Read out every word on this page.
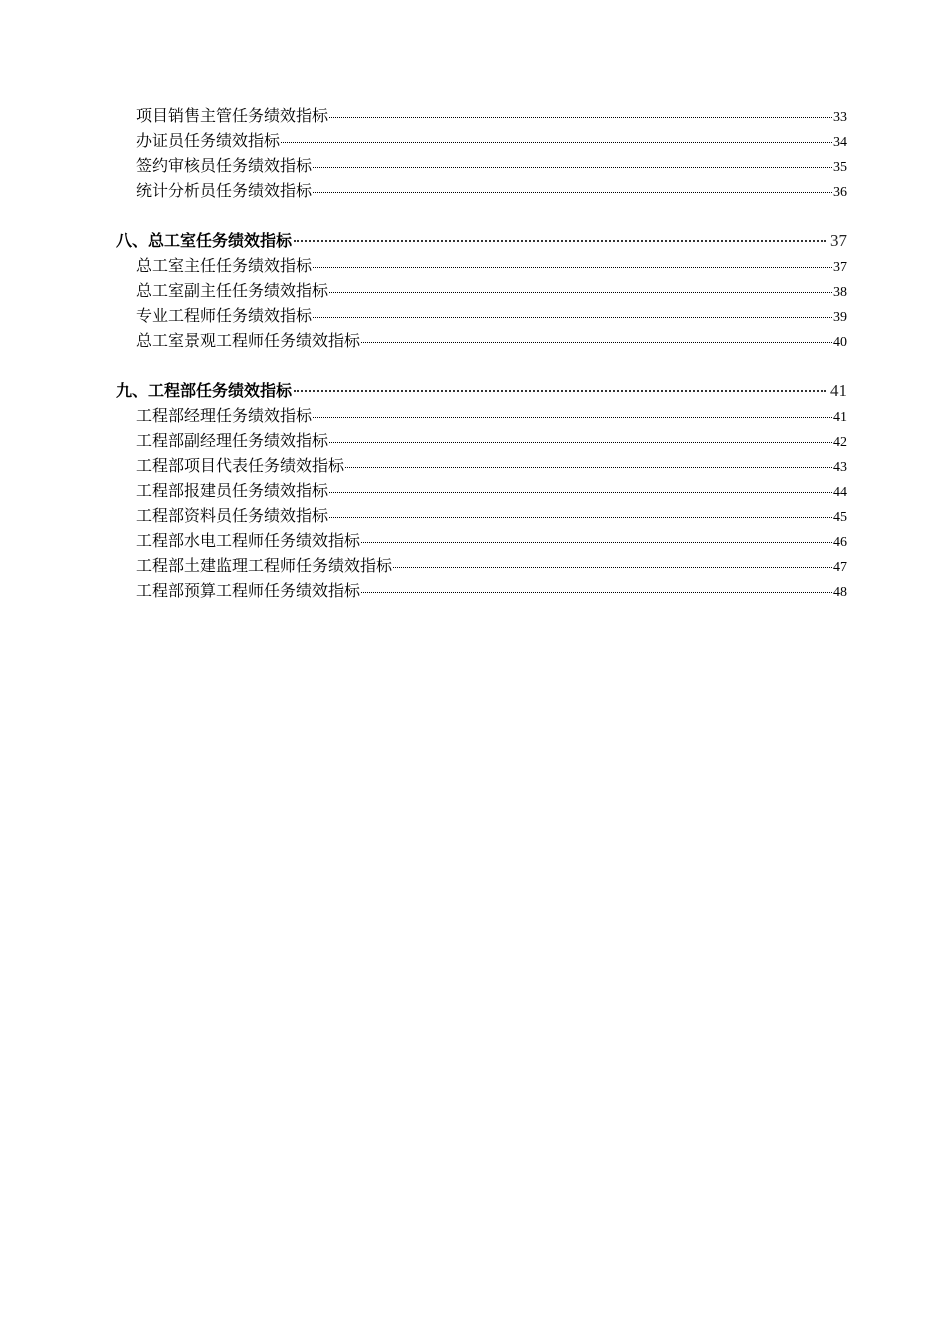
项目销售主管任务绩效指标	33
办证员任务绩效指标	34
签约审核员任务绩效指标	35
统计分析员任务绩效指标	36
八、总工室任务绩效指标	37
总工室主任任务绩效指标	37
总工室副主任任务绩效指标	38
专业工程师任务绩效指标	39
总工室景观工程师任务绩效指标	40
九、工程部任务绩效指标	41
工程部经理任务绩效指标	41
工程部副经理任务绩效指标	42
工程部项目代表任务绩效指标	43
工程部报建员任务绩效指标	44
工程部资料员任务绩效指标	45
工程部水电工程师任务绩效指标	46
工程部土建监理工程师任务绩效指标	47
工程部预算工程师任务绩效指标	48
